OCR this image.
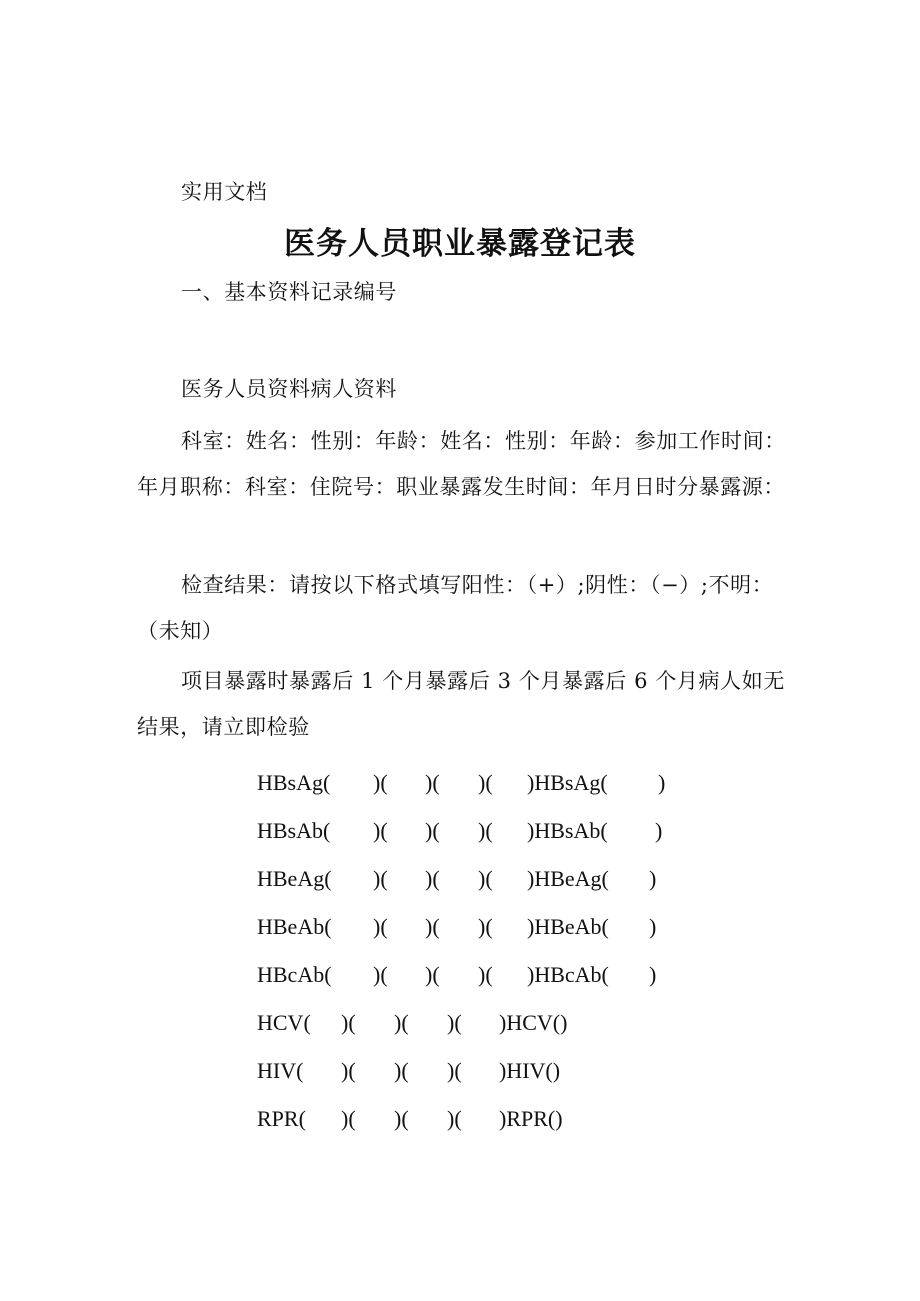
实用文档
医务人员职业暴露登记表
一、基本资料记录编号
医务人员资料病人资料

科室：姓名：性别：年龄：姓名：性别：年龄：参加工作时间：年月职称：科室：住院号：职业暴露发生时间：年月日时分暴露源：

检查结果：请按以下格式填写阳性：（+）;阴性：（−）;不明：（未知）

项目暴露时暴露后 1 个月暴露后 3 个月暴露后 6 个月病人如无结果，请立即检验

HBsAg( )( )( )( )HBsAg( )
HBsAb( )( )( )( )HBsAb( )
HBeAg( )( )( )( )HBeAg( )
HBeAb( )( )( )( )HBeAb( )
HBcAb( )( )( )( )HBcAb( )
HCV( )( )( )( )HCV()
HIV( )( )( )( )HIV()
RPR( )( )( )( )RPR()
